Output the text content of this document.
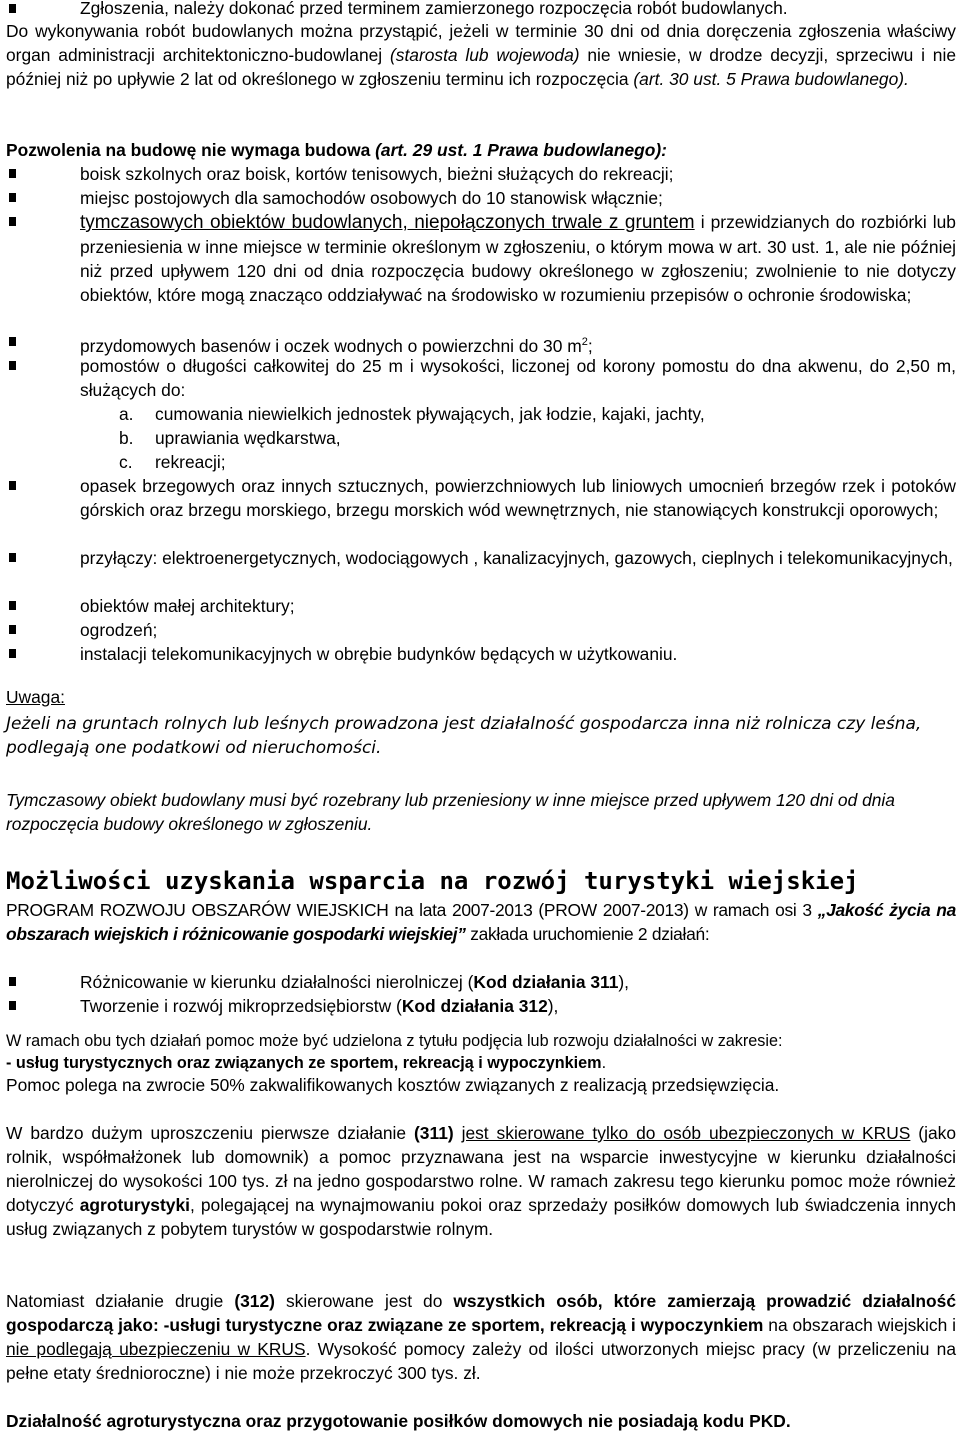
Zgłoszenia, należy dokonać przed terminem zamierzonego rozpoczęcia robót budowlanych.

Do wykonywania robót budowlanych można przystąpić, jeżeli w terminie 30 dni od dnia doręczenia zgłoszenia właściwy organ administracji architektoniczno-budowlanej (starosta lub wojewoda) nie wniesie, w drodze decyzji, sprzeciwu i nie później niż po upływie 2 lat od określonego w zgłoszeniu terminu ich rozpoczęcia (art. 30 ust. 5 Prawa budowlanego).

Pozwolenia na budowę nie wymaga budowa (art. 29 ust. 1 Prawa budowlanego):

boisk szkolnych oraz boisk, kortów tenisowych, bieżni służących do rekreacji;

miejsc postojowych dla samochodów osobowych do 10 stanowisk włącznie;

tymczasowych obiektów budowlanych, niepołączonych trwale z gruntem i przewidzianych do rozbiórki lub przeniesienia w inne miejsce w terminie określonym w zgłoszeniu, o którym mowa w art. 30 ust. 1, ale nie później niż przed upływem 120 dni od dnia rozpoczęcia budowy określonego w zgłoszeniu; zwolnienie to nie dotyczy obiektów, które mogą znacząco oddziaływać na środowisko w rozumieniu przepisów o ochronie środowiska;

przydomowych basenów i oczek wodnych o powierzchni do 30 $m^2$;

pomostów o długości całkowitej do 25 m i wysokości, liczonej od korony pomostu do dna akwenu, do 2,50 m, służących do:

a. cumowania niewielkich jednostek pływających, jak łodzie, kajaki, jachty,

b. uprawiania wędkarstwa,

c. rekreacji;

opasek brzegowych oraz innych sztucznych, powierzchniowych lub liniowych umocnień brzegów rzek i potoków górskich oraz brzegu morskiego, brzegu morskich wód wewnętrznych, nie stanowiących konstrukcji oporowych;

przyłączy: elektroenergetycznych, wodociągowych , kanalizacyjnych, gazowych, cieplnych i telekomunikacyjnych,

obiektów małej architektury;

ogrodzeń;

instalacji telekomunikacyjnych w obrębie budynków będących w użytkowaniu.

Uwaga:

Jeżeli na gruntach rolnych lub leśnych prowadzona jest działalność gospodarcza inna niż rolnicza czy leśna, podlegają one podatkowi od nieruchomości.

Tymczasowy obiekt budowlany musi być rozebrany lub przeniesiony w inne miejsce przed upływem 120 dni od dnia rozpoczęcia budowy określonego w zgłoszeniu.

Możliwości uzyskania wsparcia na rozwój turystyki wiejskiej

PROGRAM ROZWOJU OBSZARÓW WIEJSKICH na lata 2007-2013 (PROW 2007-2013) w ramach osi 3 „Jakość życia na obszarach wiejskich i różnicowanie gospodarki wiejskiej” zakłada uruchomienie 2 działań:

Różnicowanie w kierunku działalności nierolniczej (Kod działania 311),

Tworzenie i rozwój mikroprzedsiębiorstw (Kod działania 312),

W ramach obu tych działań pomoc może być udzielona z tytułu podjęcia lub rozwoju działalności w zakresie:

- usług turystycznych oraz związanych ze sportem, rekreacją i wypoczynkiem.

Pomoc polega na zwrocie 50% zakwalifikowanych kosztów związanych z realizacją przedsięwzięcia.

W bardzo dużym uproszczeniu pierwsze działanie (311) jest skierowane tylko do osób ubezpieczonych w KRUS (jako rolnik, współmałżonek lub domownik) a pomoc przyznawana jest na wsparcie inwestycyjne w kierunku działalności nierolniczej do wysokości 100 tys. zł na jedno gospodarstwo rolne. W ramach zakresu tego kierunku pomoc może również dotyczyć agroturystyki, polegającej na wynajmowaniu pokoi oraz sprzedaży posiłków domowych lub świadczenia innych usług związanych z pobytem turystów w gospodarstwie rolnym.

Natomiast działanie drugie (312) skierowane jest do wszystkich osób, które zamierzają prowadzić działalność gospodarczą jako: -usługi turystyczne oraz związane ze sportem, rekreacją i wypoczynkiem na obszarach wiejskich i nie podlegają ubezpieczeniu w KRUS. Wysokość pomocy zależy od ilości utworzonych miejsc pracy (w przeliczeniu na pełne etaty średnioroczne) i nie może przekroczyć 300 tys. zł.

Działalność agroturystyczna oraz przygotowanie posiłków domowych nie posiadają kodu PKD.
